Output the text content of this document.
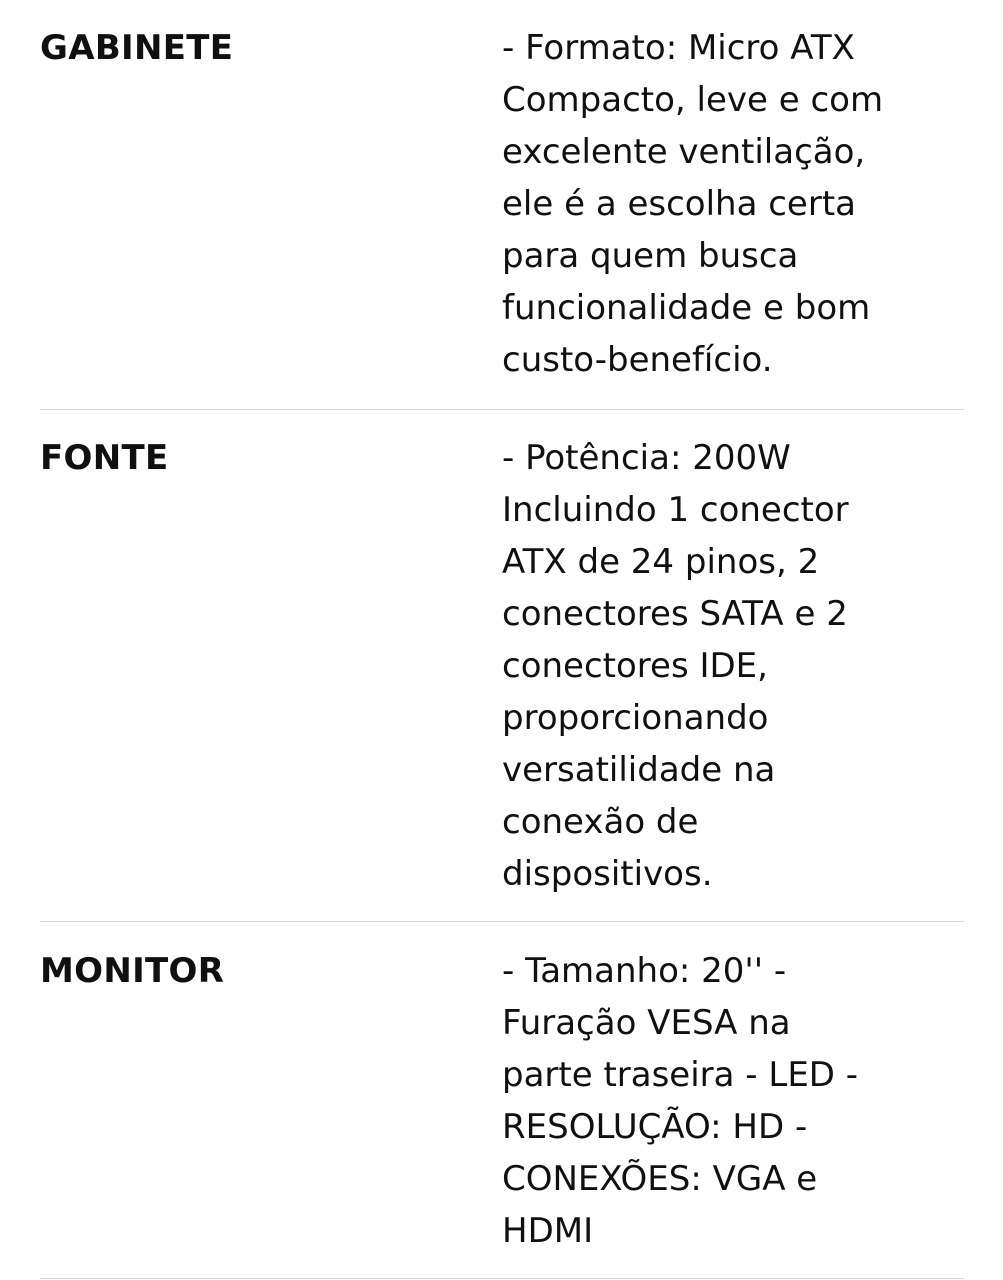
GABINETE	- Formato: Micro ATX
Compacto, leve e com
excelente ventilação,
ele é a escolha certa
para quem busca
funcionalidade e bom
custo-benefício.
FONTE	- Potência: 200W
Incluindo 1 conector
ATX de 24 pinos, 2
conectores SATA e 2
conectores IDE,
proporcionando
versatilidade na
conexão de
dispositivos.
MONITOR	- Tamanho: 20'' -
Furação VESA na
parte traseira - LED -
RESOLUÇÃO: HD -
CONEXÕES: VGA e
HDMI
